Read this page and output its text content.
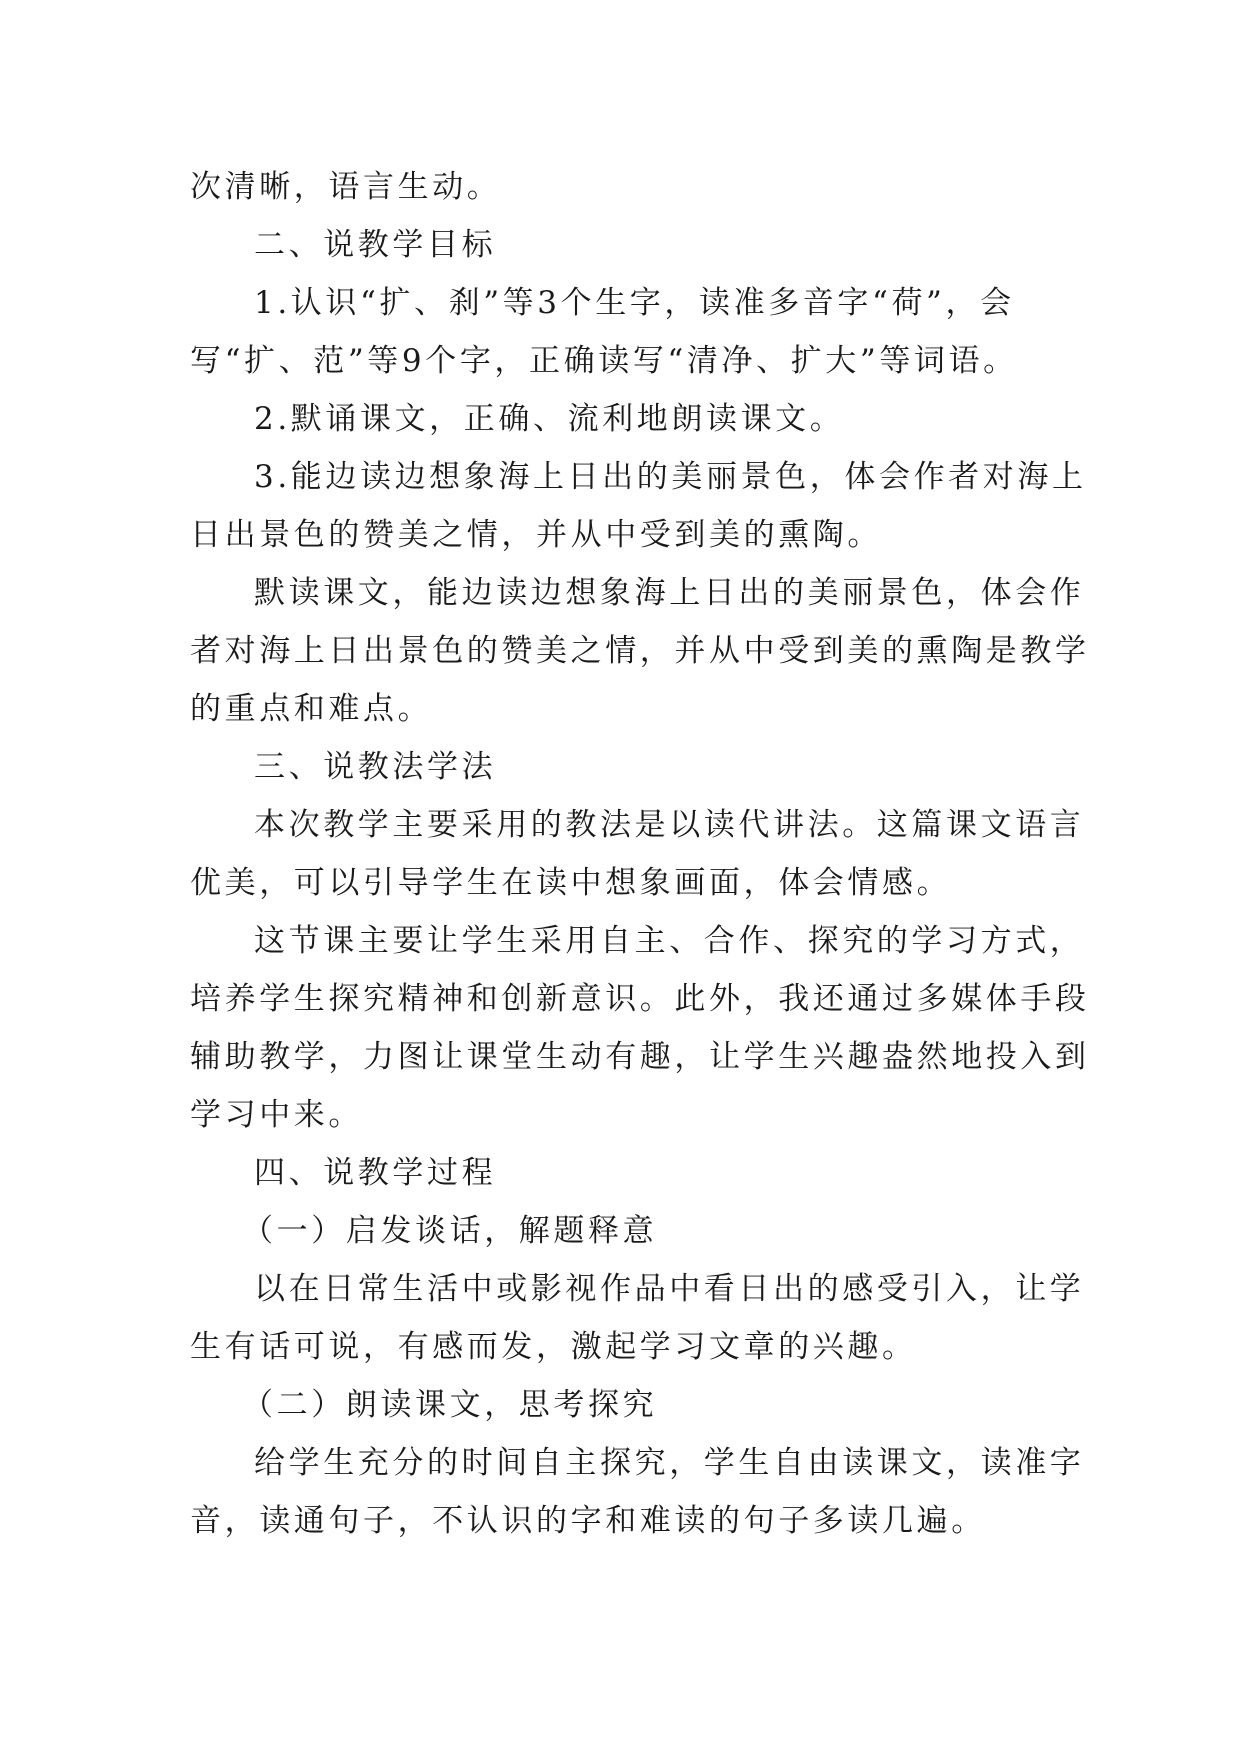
次清晰，语言生动。
二、说教学目标
1.认识“扩、刹”等3个生字，读准多音字“荷”，会
写“扩、范”等9个字，正确读写“清净、扩大”等词语。
2.默诵课文，正确、流利地朗读课文。
3.能边读边想象海上日出的美丽景色，体会作者对海上
日出景色的赞美之情，并从中受到美的熏陶。
默读课文，能边读边想象海上日出的美丽景色，体会作
者对海上日出景色的赞美之情，并从中受到美的熏陶是教学
的重点和难点。
三、说教法学法
本次教学主要采用的教法是以读代讲法。这篇课文语言
优美，可以引导学生在读中想象画面，体会情感。
这节课主要让学生采用自主、合作、探究的学习方式，
培养学生探究精神和创新意识。此外，我还通过多媒体手段
辅助教学，力图让课堂生动有趣，让学生兴趣盎然地投入到
学习中来。
四、说教学过程
（一）启发谈话，解题释意
以在日常生活中或影视作品中看日出的感受引入，让学
生有话可说，有感而发，激起学习文章的兴趣。
（二）朗读课文，思考探究
给学生充分的时间自主探究，学生自由读课文，读准字
音，读通句子，不认识的字和难读的句子多读几遍。
